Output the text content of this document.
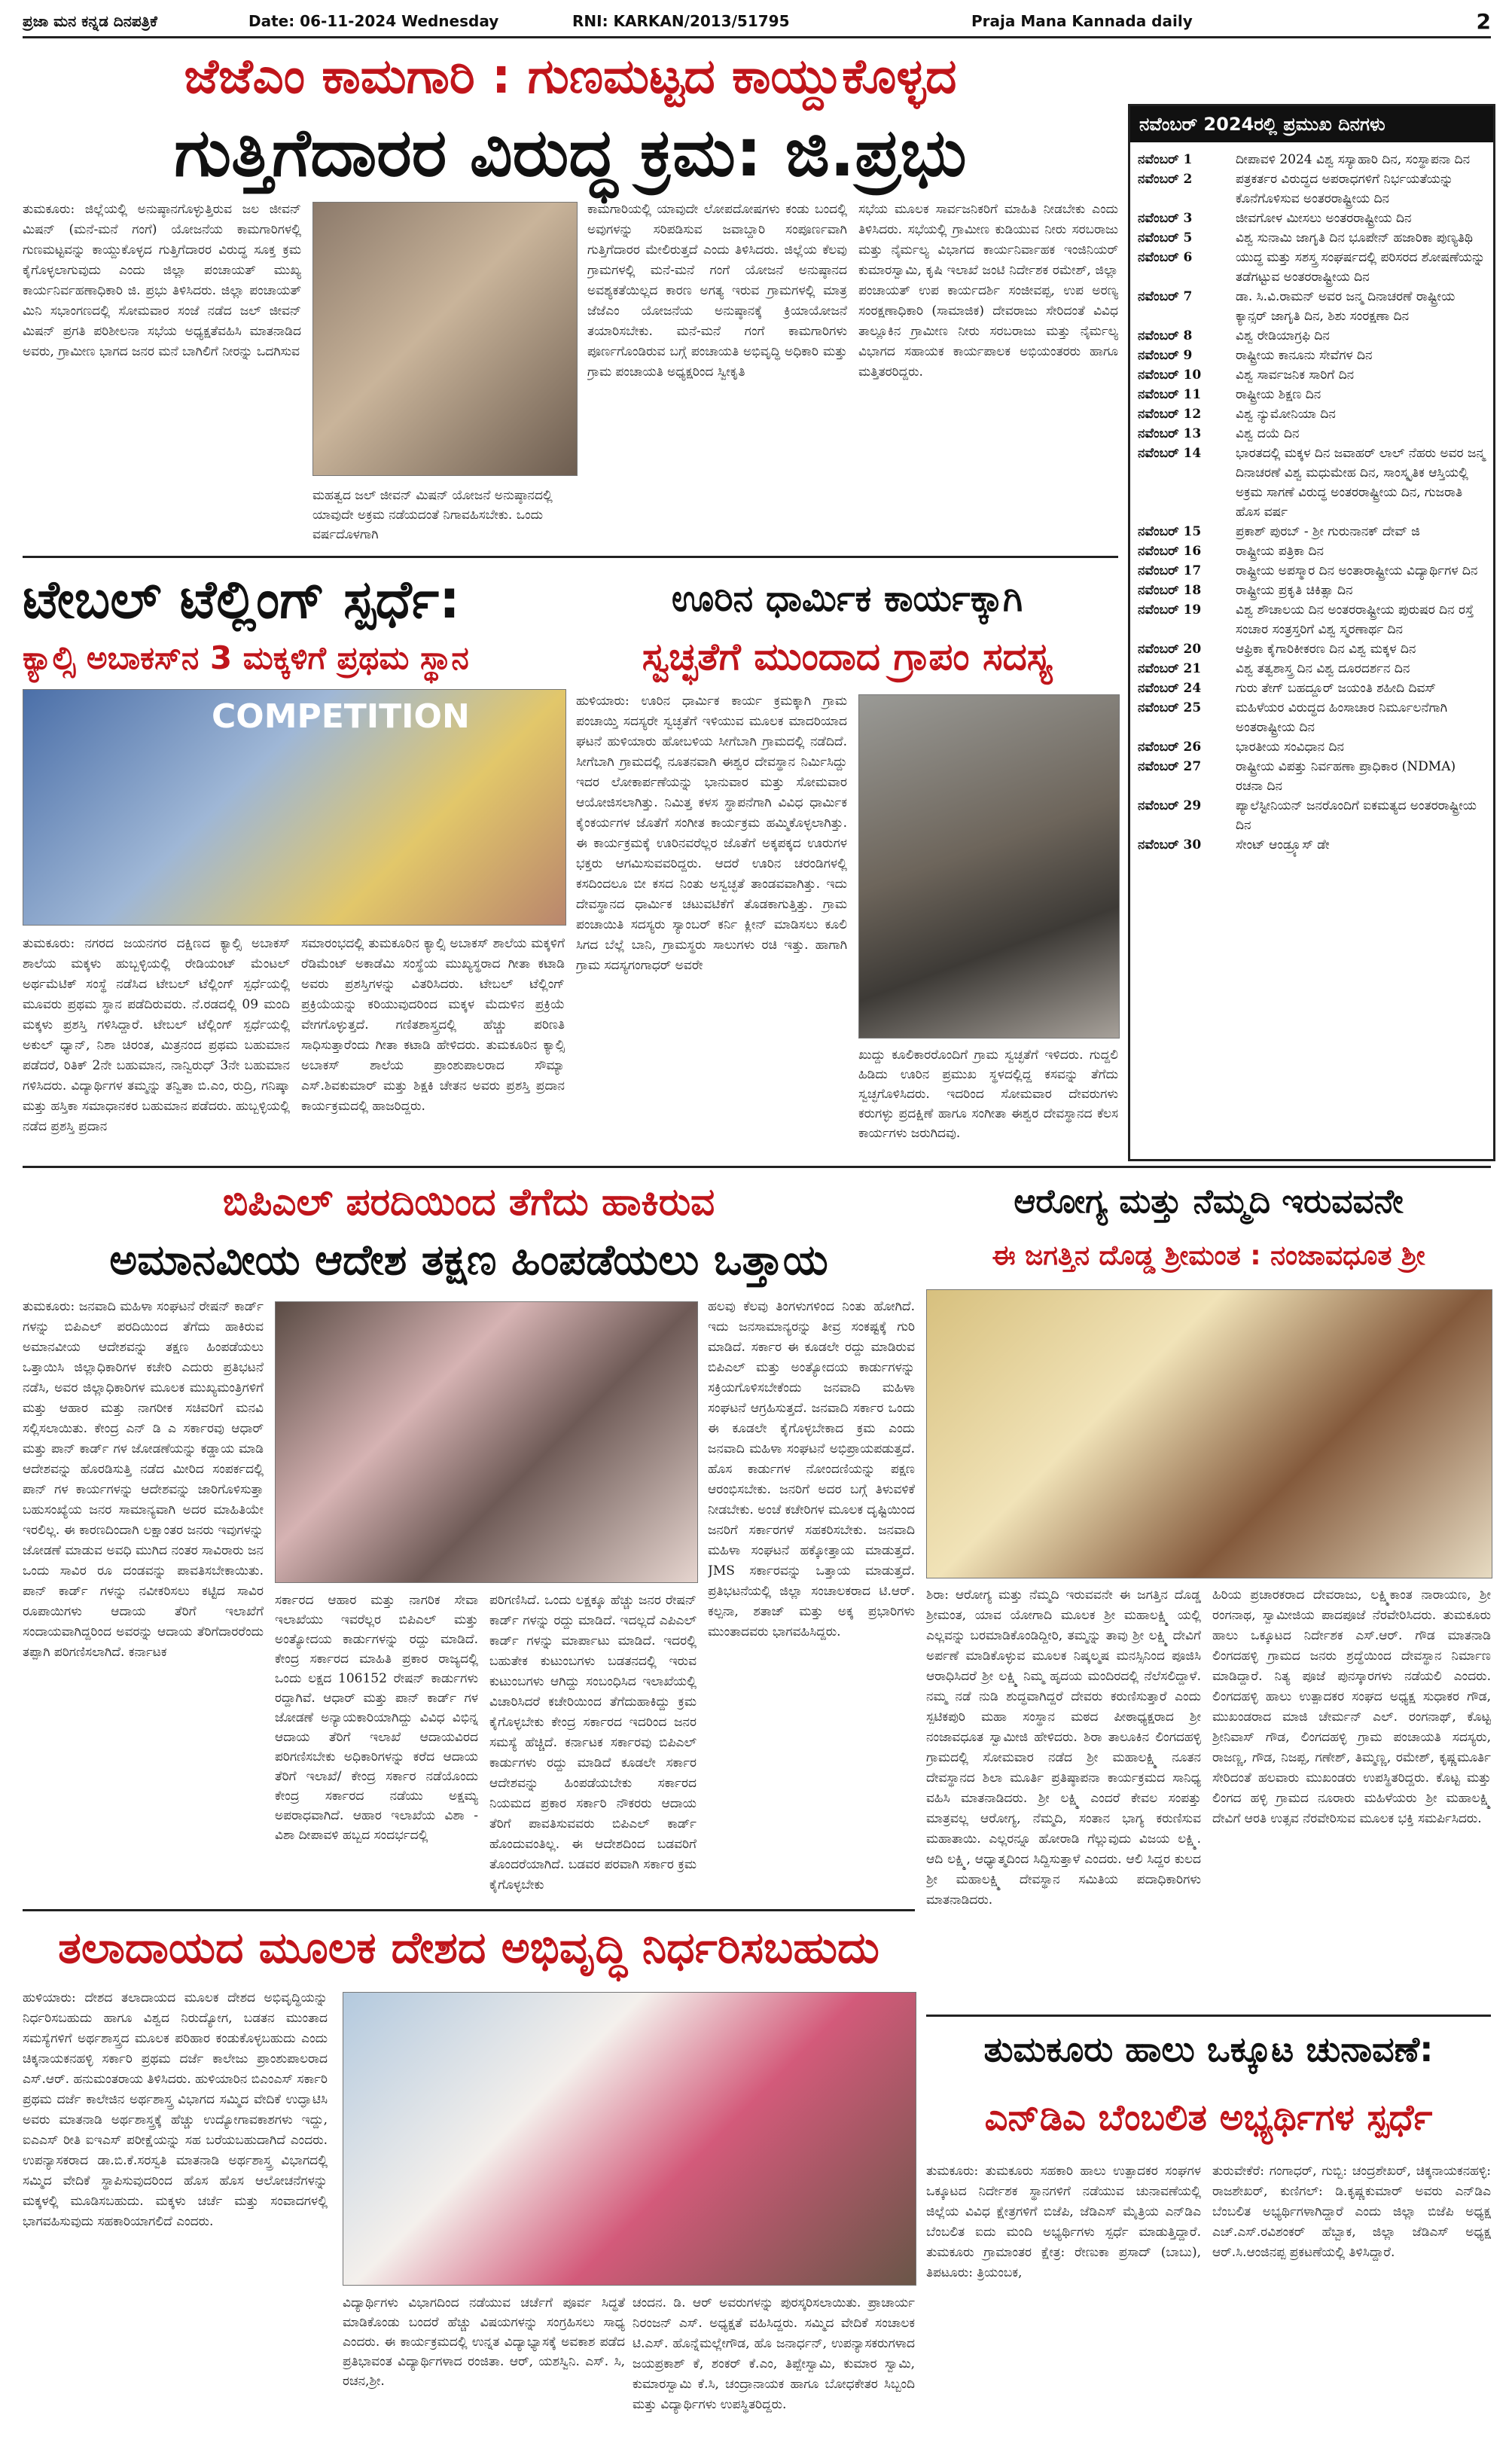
ಪ್ರಜಾ ಮನ ಕನ್ನಡ ದಿನಪತ್ರಿಕೆ	Date: 06-11-2024 Wednesday	RNI: KARKAN/2013/51795	Praja Mana Kannada daily	2
ಜೆಜೆಎಂ ಕಾಮಗಾರಿ : ಗುಣಮಟ್ಟದ ಕಾಯ್ದುಕೊಳ್ಳದ
ಗುತ್ತಿಗೆದಾರರ ವಿರುದ್ಧ ಕ್ರಮ: ಜಿ.ಪ್ರಭು
ತುಮಕೂರು: ಜಿಲ್ಲೆಯಲ್ಲಿ ಅನುಷ್ಠಾನಗೊಳ್ಳುತ್ತಿರುವ ಜಲ ಜೀವನ್ ಮಿಷನ್ (ಮನೆ-ಮನೆ ಗಂಗೆ) ಯೋಜನೆಯ ಕಾಮಗಾರಿಗಳಲ್ಲಿ ಗುಣಮಟ್ಟವನ್ನು ಕಾಯ್ದುಕೊಳ್ಳದ ಗುತ್ತಿಗೆದಾರರ ವಿರುದ್ಧ ಸೂಕ್ತ ಕ್ರಮ ಕೈಗೊಳ್ಳಲಾಗುವುದು ಎಂದು ಜಿಲ್ಲಾ ಪಂಚಾಯತ್ ಮುಖ್ಯ ಕಾರ್ಯನಿರ್ವಹಣಾಧಿಕಾರಿ ಜಿ. ಪ್ರಭು ತಿಳಿಸಿದರು. ಜಿಲ್ಲಾ ಪಂಚಾಯತ್ ಮಿನಿ ಸಭಾಂಗಣದಲ್ಲಿ ಸೋಮವಾರ ಸಂಜೆ ನಡೆದ ಜಲ್ ಜೀವನ್ ಮಿಷನ್ ಪ್ರಗತಿ ಪರಿಶೀಲನಾ ಸಭೆಯ ಅಧ್ಯಕ್ಷತೆವಹಿಸಿ ಮಾತನಾಡಿದ ಅವರು, ಗ್ರಾಮೀಣ ಭಾಗದ ಜನರ ಮನೆ ಬಾಗಿಲಿಗೆ ನೀರನ್ನು ಒದಗಿಸುವ
ಮಹತ್ವದ ಜಲ್ ಜೀವನ್ ಮಿಷನ್ ಯೋಜನೆ ಅನುಷ್ಠಾನದಲ್ಲಿ ಯಾವುದೇ ಅಕ್ರಮ ನಡೆಯದಂತೆ ನಿಗಾವಹಿಸಬೇಕು. ಒಂದು ವರ್ಷದೊಳಗಾಗಿ
ಕಾಮಗಾರಿಯಲ್ಲಿ ಯಾವುದೇ ಲೋಪದೋಷಗಳು ಕಂಡು ಬಂದಲ್ಲಿ ಅವುಗಳನ್ನು ಸರಿಪಡಿಸುವ ಜವಾಬ್ದಾರಿ ಸಂಪೂರ್ಣವಾಗಿ ಗುತ್ತಿಗೆದಾರರ ಮೇಲಿರುತ್ತದೆ ಎಂದು ತಿಳಿಸಿದರು. ಜಿಲ್ಲೆಯ ಕೆಲವು ಗ್ರಾಮಗಳಲ್ಲಿ ಮನೆ-ಮನೆ ಗಂಗೆ ಯೋಜನೆ ಅನುಷ್ಠಾನದ ಅವಶ್ಯಕತೆಯಿಲ್ಲದ ಕಾರಣ ಅಗತ್ಯ ಇರುವ ಗ್ರಾಮಗಳಲ್ಲಿ ಮಾತ್ರ ಜೆಜೆಎಂ ಯೋಜನೆಯ ಅನುಷ್ಠಾನಕ್ಕೆ ಕ್ರಿಯಾಯೋಜನೆ ತಯಾರಿಸಬೇಕು. ಮನೆ-ಮನೆ ಗಂಗೆ ಕಾಮಗಾರಿಗಳು ಪೂರ್ಣಗೊಂಡಿರುವ ಬಗ್ಗೆ ಪಂಚಾಯತಿ ಅಭಿವೃದ್ಧಿ ಅಧಿಕಾರಿ ಮತ್ತು ಗ್ರಾಮ ಪಂಚಾಯತಿ ಅಧ್ಯಕ್ಷರಿಂದ ಸ್ವೀಕೃತಿ
ಸಭೆಯ ಮೂಲಕ ಸಾರ್ವಜನಿಕರಿಗೆ ಮಾಹಿತಿ ನೀಡಬೇಕು ಎಂದು ತಿಳಿಸಿದರು. ಸಭೆಯಲ್ಲಿ ಗ್ರಾಮೀಣ ಕುಡಿಯುವ ನೀರು ಸರಬರಾಜು ಮತ್ತು ನೈರ್ಮಲ್ಯ ವಿಭಾಗದ ಕಾರ್ಯನಿರ್ವಾಹಕ ಇಂಜಿನಿಯರ್ ಕುಮಾರಸ್ವಾಮಿ, ಕೃಷಿ ಇಲಾಖೆ ಜಂಟಿ ನಿರ್ದೇಶಕ ರಮೇಶ್, ಜಿಲ್ಲಾ ಪಂಚಾಯತ್ ಉಪ ಕಾರ್ಯದರ್ಶಿ ಸಂಜೀವಪ್ಪ, ಉಪ ಅರಣ್ಯ ಸಂರಕ್ಷಣಾಧಿಕಾರಿ (ಸಾಮಾಜಿಕ) ದೇವರಾಜು ಸೇರಿದಂತೆ ವಿವಿಧ ತಾಲ್ಲೂಕಿನ ಗ್ರಾಮೀಣ ನೀರು ಸರಬರಾಜು ಮತ್ತು ನೈರ್ಮಲ್ಯ ವಿಭಾಗದ ಸಹಾಯಕ ಕಾರ್ಯಪಾಲಕ ಅಭಿಯಂತರರು ಹಾಗೂ ಮತ್ತಿತರರಿದ್ದರು.
ಟೇಬಲ್ ಟೆಲ್ಲಿಂಗ್ ಸ್ಪರ್ಧೆ:
ಕ್ಯಾಲ್ಸಿ ಅಬಾಕಸ್‌ನ 3 ಮಕ್ಕಳಿಗೆ ಪ್ರಥಮ ಸ್ಥಾನ
COMPETITION
ತುಮಕೂರು: ನಗರದ ಜಯನಗರ ದಕ್ಷಿಣದ ಕ್ಯಾಲ್ಸಿ ಅಬಾಕಸ್ ಶಾಲೆಯ ಮಕ್ಕಳು ಹುಬ್ಬಳ್ಳಿಯಲ್ಲಿ ರೇಡಿಯಂಟ್ ಮೆಂಟಲ್ ಅರ್ಥಮೆಟಿಕ್ ಸಂಸ್ಥೆ ನಡೆಸಿದ ಟೇಬಲ್ ಟೆಲ್ಲಿಂಗ್ ಸ್ಪರ್ಧೆಯಲ್ಲಿ ಮೂವರು ಪ್ರಥಮ ಸ್ಥಾನ ಪಡೆದಿರುವರು. ನೆ.ರಡದಲ್ಲಿ 09 ಮಂದಿ ಮಕ್ಕಳು ಪ್ರಶಸ್ತಿ ಗಳಿಸಿದ್ದಾರೆ. ಟೇಬಲ್ ಟೆಲ್ಲಿಂಗ್ ಸ್ಪರ್ಧೆಯಲ್ಲಿ ಅಕುಲ್ ಧ್ಯಾನ್, ನಿಶಾ ಚಿರಂತ, ಮಿತ್ರನಂದ ಪ್ರಥಮ ಬಹುಮಾನ ಪಡೆದರೆ, ರಿತಿಕ್ 2ನೇ ಬಹುಮಾನ, ನಾನ್ವಿರುಧ್ 3ನೇ ಬಹುಮಾನ ಗಳಿಸಿದರು. ವಿದ್ಯಾರ್ಥಿಗಳ ತಮ್ಮನ್ನು ತನ್ವಿತಾ ಬಿ.ಎಂ, ರುದ್ರಿ, ಗನಿಷ್ಕಾ ಮತ್ತು ಹಸ್ತಿಕಾ ಸಮಾಧಾನಕರ ಬಹುಮಾನ ಪಡೆದರು. ಹುಬ್ಬಳ್ಳಿಯಲ್ಲಿ ನಡೆದ ಪ್ರಶಸ್ತಿ ಪ್ರದಾನ
ಸಮಾರಂಭದಲ್ಲಿ ತುಮಕೂರಿನ ಕ್ಯಾಲ್ಸಿ ಅಬಾಕಸ್ ಶಾಲೆಯ ಮಕ್ಕಳಿಗೆ ರೆಡಿಮೆಂಟ್ ಅಕಾಡೆಮಿ ಸಂಸ್ಥೆಯ ಮುಖ್ಯಸ್ಥರಾದ ಗೀತಾ ಕಟಾಡಿ ಅವರು ಪ್ರಶಸ್ತಿಗಳನ್ನು ವಿತರಿಸಿದರು. ಟೇಬಲ್ ಟೆಲ್ಲಿಂಗ್ ಪ್ರಕ್ರಿಯೆಯನ್ನು ಕರಿಯುವುದರಿಂದ ಮಕ್ಕಳ ಮೆದುಳಿನ ಪ್ರಕ್ರಿಯೆ ವೇಗಗೊಳ್ಳುತ್ತದೆ. ಗಣಿತಶಾಸ್ತ್ರದಲ್ಲಿ ಹೆಚ್ಚು ಪರಿಣತಿ ಸಾಧಿಸುತ್ತಾರೆಂದು ಗೀತಾ ಕಟಾಡಿ ಹೇಳಿದರು. ತುಮಕೂರಿನ ಕ್ಯಾಲ್ಸಿ ಅಬಾಕಸ್ ಶಾಲೆಯ ಪ್ರಾಂಶುಪಾಲರಾದ ಸೌಮ್ಯಾ ಎಸ್.ಶಿವಕುಮಾರ್ ಮತ್ತು ಶಿಕ್ಷಕಿ ಚೇತನ ಅವರು ಪ್ರಶಸ್ತಿ ಪ್ರದಾನ ಕಾರ್ಯಕ್ರಮದಲ್ಲಿ ಹಾಜರಿದ್ದರು.
ಊರಿನ ಧಾರ್ಮಿಕ ಕಾರ್ಯಕ್ಕಾಗಿ
ಸ್ವಚ್ಛತೆಗೆ ಮುಂದಾದ ಗ್ರಾಪಂ ಸದಸ್ಯ
ಹುಳಿಯಾರು: ಊರಿನ ಧಾರ್ಮಿಕ ಕಾರ್ಯ ಕ್ರಮಕ್ಕಾಗಿ ಗ್ರಾಮ ಪಂಚಾಯ್ತಿ ಸದಸ್ಯರೇ ಸ್ವಚ್ಛತೆಗೆ ಇಳಿಯುವ ಮೂಲಕ ಮಾದರಿಯಾದ ಘಟನೆ ಹುಳಿಯಾರು ಹೋಬಳಿಯ ಸೀಗೆಬಾಗಿ ಗ್ರಾಮದಲ್ಲಿ ನಡೆದಿದೆ. ಸೀಗೆಬಾಗಿ ಗ್ರಾಮದಲ್ಲಿ ನೂತನವಾಗಿ ಈಶ್ವರ ದೇವಸ್ಥಾನ ನಿರ್ಮಿಸಿದ್ದು ಇದರ ಲೋಕಾರ್ಪಣೆಯನ್ನು ಭಾನುವಾರ ಮತ್ತು ಸೋಮವಾರ ಆಯೋಜಿಸಲಾಗಿತ್ತು. ನಿಮಿತ್ತ ಕಳಸ ಸ್ಥಾಪನೆಗಾಗಿ ವಿವಿಧ ಧಾರ್ಮಿಕ ಕೈಂಕರ್ಯಗಳ ಜೊತೆಗೆ ಸಂಗೀತ ಕಾರ್ಯಕ್ರಮ ಹಮ್ಮಿಕೊಳ್ಳಲಾಗಿತ್ತು. ಈ ಕಾರ್ಯಕ್ರಮಕ್ಕೆ ಊರಿನವರೆಲ್ಲರ ಜೊತೆಗೆ ಅಕ್ಕಪಕ್ಕದ ಊರುಗಳ ಭಕ್ತರು ಆಗಮಿಸುವವರಿದ್ದರು. ಆದರೆ ಊರಿನ ಚರಂಡಿಗಳಲ್ಲಿ ಕಸದಿಂದಲೂ ಬೀ ಕಸದ ನಿಂತು ಅಸ್ವಚ್ಛತೆ ತಾಂಡವವಾಗಿತ್ತು. ಇದು ದೇವಸ್ಥಾನದ ಧಾರ್ಮಿಕ ಚಟುವಟಿಕೆಗೆ ತೊಡಕಾಗುತ್ತಿತ್ತು. ಗ್ರಾಮ ಪಂಚಾಯಿತಿ ಸದಸ್ಯರು ಸ್ಯಾಂಬರ್ ಕರ್ನಿ ಕ್ಲೀನ್ ಮಾಡಿಸಲು ಕೂಲಿ ಸಿಗದ ಬೆಲ್ಲೆ ಬಾನಿ, ಗ್ರಾಮಸ್ಥರು ಸಾಲುಗಳು ರಚಿ ಇತ್ತು. ಹಾಗಾಗಿ ಗ್ರಾಮ ಸದಸ್ಯಗಂಗಾಧರ್ ಅವರೇ
ಖುದ್ದು ಕೂಲಿಕಾರರೊಂದಿಗೆ ಗ್ರಾಮ ಸ್ವಚ್ಛತೆಗೆ ಇಳಿದರು. ಗುದ್ದಲಿ ಹಿಡಿದು ಊರಿನ ಪ್ರಮುಖ ಸ್ಥಳದಲ್ಲಿದ್ದ ಕಸವನ್ನು ತೆಗೆದು ಸ್ವಚ್ಛಗೊಳಿಸಿದರು. ಇದರಿಂದ ಸೋಮವಾರ ದೇವರುಗಳು ಕರುಗಳ್ಳು ಪ್ರದಕ್ಷಿಣೆ ಹಾಗೂ ಸಂಗೀತಾ ಈಶ್ವರ ದೇವಸ್ಥಾನದ ಕೆಲಸ ಕಾರ್ಯಗಳು ಜರುಗಿದವು.
ನವೆಂಬರ್ 2024ರಲ್ಲಿ ಪ್ರಮುಖ ದಿನಗಳು
ನವೆಂಬರ್ 1	ದೀಪಾವಳಿ 2024 ವಿಶ್ವ ಸಸ್ಯಾಹಾರಿ ದಿನ, ಸಂಸ್ಥಾಪನಾ ದಿನ
ನವೆಂಬರ್ 2	ಪತ್ರಕರ್ತರ ವಿರುದ್ಧದ ಅಪರಾಧಗಳಿಗೆ ನಿರ್ಭಯತೆಯನ್ನು ಕೊನೆಗೊಳಿಸುವ ಅಂತರರಾಷ್ಟ್ರೀಯ ದಿನ
ನವೆಂಬರ್ 3	ಜೀವಗೋಳ ಮೀಸಲು ಅಂತರರಾಷ್ಟ್ರೀಯ ದಿನ
ನವೆಂಬರ್ 5	ವಿಶ್ವ ಸುನಾಮಿ ಜಾಗೃತಿ ದಿನ ಭೂಪೇನ್ ಹಜಾರಿಕಾ ಪುಣ್ಯತಿಥಿ
ನವೆಂಬರ್ 6	ಯುದ್ಧ ಮತ್ತು ಸಶಸ್ತ್ರ ಸಂಘರ್ಷದಲ್ಲಿ ಪರಿಸರದ ಶೋಷಣೆಯನ್ನು ತಡೆಗಟ್ಟುವ ಅಂತರರಾಷ್ಟ್ರೀಯ ದಿನ
ನವೆಂಬರ್ 7	ಡಾ. ಸಿ.ವಿ.ರಾಮನ್ ಅವರ ಜನ್ಮ ದಿನಾಚರಣೆ ರಾಷ್ಟ್ರೀಯ ಕ್ಯಾನ್ಸರ್ ಜಾಗೃತಿ ದಿನ, ಶಿಶು ಸಂರಕ್ಷಣಾ ದಿನ
ನವೆಂಬರ್ 8	ವಿಶ್ವ ರೇಡಿಯಾಗ್ರಫಿ ದಿನ
ನವೆಂಬರ್ 9	ರಾಷ್ಟ್ರೀಯ ಕಾನೂನು ಸೇವೆಗಳ ದಿನ
ನವೆಂಬರ್ 10	ವಿಶ್ವ ಸಾರ್ವಜನಿಕ ಸಾರಿಗೆ ದಿನ
ನವೆಂಬರ್ 11	ರಾಷ್ಟ್ರೀಯ ಶಿಕ್ಷಣ ದಿನ
ನವೆಂಬರ್ 12	ವಿಶ್ವ ನ್ಯುಮೋನಿಯಾ ದಿನ
ನವೆಂಬರ್ 13	ವಿಶ್ವ ದಯೆ ದಿನ
ನವೆಂಬರ್ 14	ಭಾರತದಲ್ಲಿ ಮಕ್ಕಳ ದಿನ ಜವಾಹರ್ ಲಾಲ್ ನೆಹರು ಅವರ ಜನ್ಮ ದಿನಾಚರಣೆ ವಿಶ್ವ ಮಧುಮೇಹ ದಿನ, ಸಾಂಸ್ಕೃತಿಕ ಆಸ್ತಿಯಲ್ಲಿ ಅಕ್ರಮ ಸಾಗಣೆ ವಿರುದ್ಧ ಅಂತರರಾಷ್ಟ್ರೀಯ ದಿನ, ಗುಜರಾತಿ ಹೊಸ ವರ್ಷ
ನವೆಂಬರ್ 15	ಪ್ರಕಾಶ್ ಪುರಬ್ - ಶ್ರೀ ಗುರುನಾನಕ್ ದೇವ್ ಜಿ
ನವೆಂಬರ್ 16	ರಾಷ್ಟ್ರೀಯ ಪತ್ರಿಕಾ ದಿನ
ನವೆಂಬರ್ 17	ರಾಷ್ಟ್ರೀಯ ಅಪಸ್ಮಾರ ದಿನ ಅಂತಾರಾಷ್ಟ್ರೀಯ ವಿದ್ಯಾರ್ಥಿಗಳ ದಿನ
ನವೆಂಬರ್ 18	ರಾಷ್ಟ್ರೀಯ ಪ್ರಕೃತಿ ಚಿಕಿತ್ಸಾ ದಿನ
ನವೆಂಬರ್ 19	ವಿಶ್ವ ಶೌಚಾಲಯ ದಿನ ಅಂತರರಾಷ್ಟ್ರೀಯ ಪುರುಷರ ದಿನ ರಸ್ತೆ ಸಂಚಾರ ಸಂತ್ರಸ್ತರಿಗೆ ವಿಶ್ವ ಸ್ಮರಣಾರ್ಥ ದಿನ
ನವೆಂಬರ್ 20	ಆಫ್ರಿಕಾ ಕೈಗಾರಿಕೀಕರಣ ದಿನ ವಿಶ್ವ ಮಕ್ಕಳ ದಿನ
ನವೆಂಬರ್ 21	ವಿಶ್ವ ತತ್ವಶಾಸ್ತ್ರ ದಿನ ವಿಶ್ವ ದೂರದರ್ಶನ ದಿನ
ನವೆಂಬರ್ 24	ಗುರು ತೇಗ್ ಬಹದ್ದೂರ್ ಜಯಂತಿ ಶಹೀದಿ ದಿವಸ್
ನವೆಂಬರ್ 25	ಮಹಿಳೆಯರ ವಿರುದ್ಧದ ಹಿಂಸಾಚಾರ ನಿರ್ಮೂಲನೆಗಾಗಿ ಅಂತರಾಷ್ಟ್ರೀಯ ದಿನ
ನವೆಂಬರ್ 26	ಭಾರತೀಯ ಸಂವಿಧಾನ ದಿನ
ನವೆಂಬರ್ 27	ರಾಷ್ಟ್ರೀಯ ವಿಪತ್ತು ನಿರ್ವಹಣಾ ಪ್ರಾಧಿಕಾರ (NDMA) ರಚನಾ ದಿನ
ನವೆಂಬರ್ 29	ಪ್ಯಾಲೆಸ್ಟೀನಿಯನ್ ಜನರೊಂದಿಗೆ ಐಕಮತ್ಯದ ಅಂತರರಾಷ್ಟ್ರೀಯ ದಿನ
ನವೆಂಬರ್ 30	ಸೇಂಟ್ ಆಂಡ್ರ್ಯೂಸ್ ಡೇ
ಬಿಪಿಎಲ್ ಪರದಿಯಿಂದ ತೆಗೆದು ಹಾಕಿರುವ
ಅಮಾನವೀಯ ಆದೇಶ ತಕ್ಷಣ ಹಿಂಪಡೆಯಲು ಒತ್ತಾಯ
ತುಮಕೂರು: ಜನವಾದಿ ಮಹಿಳಾ ಸಂಘಟನೆ ರೇಷನ್ ಕಾರ್ಡ್ ಗಳನ್ನು ಬಿಪಿಎಲ್ ಪರದಿಯಿಂದ ತೆಗೆದು ಹಾಕಿರುವ ಅಮಾನವೀಯ ಆದೇಶವನ್ನು ತಕ್ಷಣ ಹಿಂಪಡೆಯಲು ಒತ್ತಾಯಿಸಿ ಜಿಲ್ಲಾಧಿಕಾರಿಗಳ ಕಚೇರಿ ಎದುರು ಪ್ರತಿಭಟನೆ ನಡೆಸಿ, ಅವರ ಜಿಲ್ಲಾಧಿಕಾರಿಗಳ ಮೂಲಕ ಮುಖ್ಯಮಂತ್ರಿಗಳಿಗೆ ಮತ್ತು ಆಹಾರ ಮತ್ತು ನಾಗರೀಕ ಸಚಿವರಿಗೆ ಮನವಿ ಸಲ್ಲಿಸಲಾಯಿತು. ಕೇಂದ್ರ ಎನ್ ಡಿ ಎ ಸರ್ಕಾರವು ಆಧಾರ್ ಮತ್ತು ಪಾನ್ ಕಾರ್ಡ್ ಗಳ ಜೋಡಣೆಯನ್ನು ಕಡ್ಡಾಯ ಮಾಡಿ ಆದೇಶವನ್ನು ಹೊರಡಿಸುತ್ತಿ ನಡೆದ ಮೀರಿದ ಸಂಪರ್ಕದಲ್ಲಿ ಪಾನ್ ಗಳ ಕಾರ್ಯಗಳನ್ನು ಆದೇಶವನ್ನು ಜಾರಿಗೊಳಿಸುತ್ತಾ ಬಹುಸಂಖ್ಯೆಯ ಜನರ ಸಾಮಾನ್ಯವಾಗಿ ಅದರ ಮಾಹಿತಿಯೇ ಇರಲಿಲ್ಲ. ಈ ಕಾರಣದಿಂದಾಗಿ ಲಕ್ಷಾಂತರ ಜನರು ಇವುಗಳನ್ನು ಜೋಡಣೆ ಮಾಡುವ ಅವಧಿ ಮುಗಿದ ನಂತರ ಸಾವಿರಾರು ಜನ ಒಂದು ಸಾವಿರ ರೂ ದಂಡವನ್ನು ಪಾವತಿಸಬೇಕಾಯಿತು. ಪಾನ್ ಕಾರ್ಡ್ ಗಳನ್ನು ನವೀಕರಿಸಲು ಕಟ್ಟಿದ ಸಾವಿರ ರೂಪಾಯಿಗಳು ಆದಾಯ ತೆರಿಗೆ ಇಲಾಖೆಗೆ ಸಂದಾಯವಾಗಿದ್ದರಿಂದ ಅವರನ್ನು ಆದಾಯ ತೆರಿಗೆದಾರರೆಂದು ತಪ್ಪಾಗಿ ಪರಿಗಣಿಸಲಾಗಿದೆ. ಕರ್ನಾಟಕ
ಸರ್ಕಾರದ ಆಹಾರ ಮತ್ತು ನಾಗರಿಕ ಸೇವಾ ಇಲಾಖೆಯು ಇವರೆಲ್ಲರ ಬಿಪಿಎಲ್ ಮತ್ತು ಅಂತ್ಯೋದಯ ಕಾರ್ಡುಗಳನ್ನು ರದ್ದು ಮಾಡಿದೆ. ಕೇಂದ್ರ ಸರ್ಕಾರದ ಮಾಹಿತಿ ಪ್ರಕಾರ ರಾಜ್ಯದಲ್ಲಿ ಒಂದು ಲಕ್ಷದ 106152 ರೇಷನ್ ಕಾರ್ಡುಗಳು ರದ್ದಾಗಿವೆ. ಆಧಾರ್ ಮತ್ತು ಪಾನ್ ಕಾರ್ಡ್ ಗಳ ಜೋಡಣೆ ಅನ್ಯಾಯಕಾರಿಯಾಗಿದ್ದು ವಿವಿಧ ವಿಭಿನ್ನ ಆದಾಯ ತೆರಿಗೆ ಇಲಾಖೆ ಆದಾಯವಿರದ ಪರಿಗಣಿಸಬೇಕು ಅಧಿಕಾರಿಗಳನ್ನು ಕರೆದ ಆದಾಯ ತೆರಿಗೆ ಇಲಾಖೆ/ ಕೇಂದ್ರ ಸರ್ಕಾರ ನಡೆಯೊಂದು ಕೇಂದ್ರ ಸರ್ಕಾರದ ನಡೆಯು ಅಕ್ಷಮ್ಯ ಅಪರಾಧವಾಗಿದೆ. ಆಹಾರ ಇಲಾಖೆಯ ವಿಶಾ - ವಿಶಾ ದೀಪಾವಳಿ ಹಬ್ಬದ ಸಂದರ್ಭದಲ್ಲಿ
ಪರಿಗಣಿಸಿದೆ. ಒಂದು ಲಕ್ಷಕ್ಕೂ ಹೆಚ್ಚು ಜನರ ರೇಷನ್ ಕಾರ್ಡ್ ಗಳನ್ನು ರದ್ದು ಮಾಡಿದೆ. ಇದಲ್ಲದೆ ಎಪಿಎಲ್ ಕಾರ್ಡ್ ಗಳನ್ನು ಮಾರ್ಪಾಟು ಮಾಡಿದೆ. ಇದರಲ್ಲಿ ಬಹುತೇಕ ಕುಟುಂಬಗಳು ಬಡತನದಲ್ಲಿ ಇರುವ ಕುಟುಂಬಗಳು ಆಗಿದ್ದು ಸಂಬಂಧಿಸಿದ ಇಲಾಖೆಯಲ್ಲಿ ವಿಚಾರಿಸಿದರೆ ಕಚೇರಿಯಿಂದ ತೆಗೆದುಹಾಕಿದ್ದು ಕ್ರಮ ಕೈಗೊಳ್ಳಬೇಕು ಕೇಂದ್ರ ಸರ್ಕಾರದ ಇದರಿಂದ ಜನರ ಸಮಸ್ಯೆ ಹೆಚ್ಚಿದೆ. ಕರ್ನಾಟಕ ಸರ್ಕಾರವು ಬಿಪಿಎಲ್ ಕಾರ್ಡುಗಳು ರದ್ದು ಮಾಡಿದೆ ಕೂಡಲೇ ಸರ್ಕಾರ ಆದೇಶವನ್ನು ಹಿಂಪಡೆಯಬೇಕು ಸರ್ಕಾರದ ನಿಯಮದ ಪ್ರಕಾರ ಸರ್ಕಾರಿ ನೌಕರರು ಆದಾಯ ತೆರಿಗೆ ಪಾವತಿಸುವವರು ಬಿಪಿಎಲ್ ಕಾರ್ಡ್ ಹೊಂದುವಂತಿಲ್ಲ. ಈ ಆದೇಶದಿಂದ ಬಡವರಿಗೆ ತೊಂದರೆಯಾಗಿದೆ. ಬಡವರ ಪರವಾಗಿ ಸರ್ಕಾರ ಕ್ರಮ ಕೈಗೊಳ್ಳಬೇಕು
ಹಲವು ಕೆಲವು ತಿಂಗಳುಗಳಿಂದ ನಿಂತು ಹೋಗಿದೆ. ಇದು ಜನಸಾಮಾನ್ಯರನ್ನು ತೀವ್ರ ಸಂಕಷ್ಟಕ್ಕೆ ಗುರಿ ಮಾಡಿದೆ. ಸರ್ಕಾರ ಈ ಕೂಡಲೇ ರದ್ದು ಮಾಡಿರುವ ಬಿಪಿಎಲ್ ಮತ್ತು ಅಂತ್ಯೋದಯ ಕಾರ್ಡುಗಳನ್ನು ಸಕ್ರಿಯಗೊಳಿಸಬೇಕೆಂದು ಜನವಾದಿ ಮಹಿಳಾ ಸಂಘಟನೆ ಆಗ್ರಹಿಸುತ್ತದೆ. ಜನವಾದಿ ಸರ್ಕಾರ ಒಂದು ಈ ಕೂಡಲೇ ಕೈಗೊಳ್ಳಬೇಕಾದ ಕ್ರಮ ಎಂದು ಜನವಾದಿ ಮಹಿಳಾ ಸಂಘಟನೆ ಅಭಿಪ್ರಾಯಪಡುತ್ತದೆ. ಹೊಸ ಕಾರ್ಡುಗಳ ನೋಂದಣಿಯನ್ನು ಪಕ್ಷಣ ಆರಂಭಿಸಬೇಕು. ಜನರಿಗೆ ಅದರ ಬಗ್ಗೆ ತಿಳುವಳಿಕೆ ನೀಡಬೇಕು. ಅಂಚೆ ಕಚೇರಿಗಳ ಮೂಲಕ ದೃಷ್ಟಿಯಿಂದ ಜನರಿಗೆ ಸರ್ಕಾರಗಳೆ ಸಹಕರಿಸಬೇಕು. ಜನವಾದಿ ಮಹಿಳಾ ಸಂಘಟನೆ ಹಕ್ಕೋತ್ತಾಯ ಮಾಡುತ್ತದೆ. JMS ಸರ್ಕಾರವನ್ನು ಒತ್ತಾಯ ಮಾಡುತ್ತದೆ. ಪ್ರತಿಭಟನೆಯಲ್ಲಿ ಜಿಲ್ಲಾ ಸಂಚಾಲಕರಾದ ಟಿ.ಆರ್. ಕಲ್ಪನಾ, ಶತಾಜ್ ಮತ್ತು ಅಕ್ಕ ಪ್ರಭಾರಿಗಳು ಮುಂತಾದವರು ಭಾಗವಹಿಸಿದ್ದರು.
ಆರೋಗ್ಯ ಮತ್ತು ನೆಮ್ಮದಿ ಇರುವವನೇ
ಈ ಜಗತ್ತಿನ ದೊಡ್ಡ ಶ್ರೀಮಂತ : ನಂಜಾವಧೂತ ಶ್ರೀ
ಶಿರಾ: ಆರೋಗ್ಯ ಮತ್ತು ನೆಮ್ಮದಿ ಇರುವವನೇ ಈ ಜಗತ್ತಿನ ದೊಡ್ಡ ಶ್ರೀಮಂತ, ಯಾವ ಯೋಗಾದಿ ಮೂಲಕ ಶ್ರೀ ಮಹಾಲಕ್ಷ್ಮಿ ಯಲ್ಲಿ ಎಲ್ಲವನ್ನು ಬರಮಾಡಿಕೊಂಡಿದ್ದೀರಿ, ತಮ್ಮನ್ನು ತಾವು ಶ್ರೀ ಲಕ್ಷ್ಮಿ ದೇವಿಗೆ ಅರ್ಪಣೆ ಮಾಡಿಕೊಳ್ಳುವ ಮೂಲಕ ನಿಷ್ಕಲ್ಮಷ ಮನಸ್ಸಿನಿಂದ ಪೂಜಿಸಿ ಆರಾಧಿಸಿದರೆ ಶ್ರೀ ಲಕ್ಷ್ಮಿ ನಿಮ್ಮ ಹೃದಯ ಮಂದಿರದಲ್ಲಿ ನೆಲೆಸಲಿದ್ದಾಳೆ. ನಮ್ಮ ನಡೆ ನುಡಿ ಶುದ್ಧವಾಗಿದ್ದರೆ ದೇವರು ಕರುಣಿಸುತ್ತಾರೆ ಎಂದು ಸ್ಪಟಿಕಪುರಿ ಮಹಾ ಸಂಸ್ಥಾನ ಮಠದ ಪೀಠಾಧ್ಯಕ್ಷರಾದ ಶ್ರೀ ನಂಜಾವಧೂತ ಸ್ವಾಮೀಜಿ ಹೇಳಿದರು. ಶಿರಾ ತಾಲೂಕಿನ ಲಿಂಗದಹಳ್ಳಿ ಗ್ರಾಮದಲ್ಲಿ ಸೋಮವಾರ ನಡೆದ ಶ್ರೀ ಮಹಾಲಕ್ಷ್ಮಿ ನೂತನ ದೇವಸ್ಥಾನದ ಶಿಲಾ ಮೂರ್ತಿ ಪ್ರತಿಷ್ಠಾಪನಾ ಕಾರ್ಯಕ್ರಮದ ಸಾನಿಧ್ಯ ವಹಿಸಿ ಮಾತನಾಡಿದರು. ಶ್ರೀ ಲಕ್ಷ್ಮಿ ಎಂದರೆ ಕೇವಲ ಸಂಪತ್ತು ಮಾತ್ರವಲ್ಲ ಆರೋಗ್ಯ, ನೆಮ್ಮದಿ, ಸಂತಾನ ಭಾಗ್ಯ ಕರುಣಿಸುವ ಮಹಾತಾಯಿ. ಎಲ್ಲರನ್ನೂ ಹೋರಾಡಿ ಗೆಲ್ಲುವುದು ವಿಜಯ ಲಕ್ಷ್ಮಿ. ಆದಿ ಲಕ್ಷ್ಮಿ, ಆಧ್ಯಾತ್ಮದಿಂದ ಸಿದ್ದಿಸುತ್ತಾಳೆ ಎಂದರು. ಆಲಿ ಸಿದ್ದರ ಕುಲದ ಶ್ರೀ ಮಹಾಲಕ್ಷ್ಮಿ ದೇವಸ್ಥಾನ ಸಮಿತಿಯ ಪದಾಧಿಕಾರಿಗಳು ಮಾತನಾಡಿದರು.
ಹಿರಿಯ ಪ್ರಚಾರಕರಾದ ದೇವರಾಜು, ಲಕ್ಷ್ಮಿಕಾಂತ ನಾರಾಯಣ, ಶ್ರೀ ರಂಗನಾಥ, ಸ್ವಾಮೀಜಿಯ ಪಾದಪೂಜೆ ನೆರವೇರಿಸಿದರು. ತುಮಕೂರು ಹಾಲು ಒಕ್ಕೂಟದ ನಿರ್ದೇಶಕ ಎಸ್.ಆರ್. ಗೌಡ ಮಾತನಾಡಿ ಲಿಂಗದಹಳ್ಳಿ ಗ್ರಾಮದ ಜನರು ಶ್ರದ್ಧೆಯಿಂದ ದೇವಸ್ಥಾನ ನಿರ್ಮಾಣ ಮಾಡಿದ್ದಾರೆ. ನಿತ್ಯ ಪೂಜೆ ಪುನಸ್ಕಾರಗಳು ನಡೆಯಲಿ ಎಂದರು. ಲಿಂಗದಹಳ್ಳಿ ಹಾಲು ಉತ್ಪಾದಕರ ಸಂಘದ ಅಧ್ಯಕ್ಷ ಸುಧಾಕರ ಗೌಡ, ಮುಖಂಡರಾದ ಮಾಜಿ ಚೇರ್ಮನ್ ಎಲ್. ರಂಗನಾಥ್, ಕೊಟ್ಟ ಶ್ರೀನಿವಾಸ್ ಗೌಡ, ಲಿಂಗದಹಳ್ಳಿ ಗ್ರಾಮ ಪಂಚಾಯತಿ ಸದಸ್ಯರು, ರಾಜಣ್ಣ, ಗೌಡ, ನಿಜಪ್ಪ, ಗಣೇಶ್, ತಿಮ್ಮಣ್ಣ, ರಮೇಶ್, ಕೃಷ್ಣಮೂರ್ತಿ ಸೇರಿದಂತೆ ಹಲವಾರು ಮುಖಂಡರು ಉಪಸ್ಥಿತರಿದ್ದರು. ಕೊಟ್ಟ ಮತ್ತು ಲಿಂಗದ ಹಳ್ಳಿ ಗ್ರಾಮದ ನೂರಾರು ಮಹಿಳೆಯರು ಶ್ರೀ ಮಹಾಲಕ್ಷ್ಮಿ ದೇವಿಗೆ ಆರತಿ ಉತ್ಸವ ನೆರವೇರಿಸುವ ಮೂಲಕ ಭಕ್ತಿ ಸಮರ್ಪಿಸಿದರು.
ತಲಾದಾಯದ ಮೂಲಕ ದೇಶದ ಅಭಿವೃದ್ಧಿ ನಿರ್ಧರಿಸಬಹುದು
ಹುಳಿಯಾರು: ದೇಶದ ತಲಾದಾಯದ ಮೂಲಕ ದೇಶದ ಅಭಿವೃದ್ಧಿಯನ್ನು ನಿರ್ಧರಿಸಬಹುದು ಹಾಗೂ ವಿಶ್ವದ ನಿರುದ್ಯೋಗ, ಬಡತನ ಮುಂತಾದ ಸಮಸ್ಯೆಗಳಿಗೆ ಅರ್ಥಶಾಸ್ತ್ರದ ಮೂಲಕ ಪರಿಹಾರ ಕಂಡುಕೊಳ್ಳಬಹುದು ಎಂದು ಚಿಕ್ಕನಾಯಕನಹಳ್ಳಿ ಸರ್ಕಾರಿ ಪ್ರಥಮ ದರ್ಜೆ ಕಾಲೇಜು ಪ್ರಾಂಶುಪಾಲರಾದ ಎಸ್.ಆರ್. ಹನುಮಂತರಾಯ ತಿಳಿಸಿದರು. ಹುಳಿಯಾರಿನ ಬಿಎಂಎಸ್ ಸರ್ಕಾರಿ ಪ್ರಥಮ ದರ್ಜೆ ಕಾಲೇಜಿನ ಅರ್ಥಶಾಸ್ತ್ರ ವಿಭಾಗದ ಸಮ್ಮಿದ ವೇದಿಕೆ ಉದ್ಘಾಟಿಸಿ ಅವರು ಮಾತನಾಡಿ ಅರ್ಥಶಾಸ್ತ್ರಕ್ಕೆ ಹೆಚ್ಚು ಉದ್ಯೋಗಾವಕಾಶಗಳು ಇದ್ದು, ಐಎಎಸ್ ರೀತಿ ಐಇಎಸ್ ಪರೀಕ್ಷೆಯನ್ನು ಸಹ ಬರೆಯಬಹುದಾಗಿದೆ ಎಂದರು. ಉಪನ್ಯಾಸಕರಾದ ಡಾ.ಬಿ.ಕೆ.ಸರಸ್ವತಿ ಮಾತನಾಡಿ ಅರ್ಥಶಾಸ್ತ್ರ ವಿಭಾಗದಲ್ಲಿ ಸಮ್ಮಿದ ವೇದಿಕೆ ಸ್ಥಾಪಿಸುವುದರಿಂದ ಹೊಸ ಹೊಸ ಆಲೋಚನೆಗಳನ್ನು ಮಕ್ಕಳಲ್ಲಿ ಮೂಡಿಸಬಹುದು. ಮಕ್ಕಳು ಚರ್ಚೆ ಮತ್ತು ಸಂವಾದಗಳಲ್ಲಿ ಭಾಗವಹಿಸುವುದು ಸಹಕಾರಿಯಾಗಲಿದೆ ಎಂದರು.
ವಿದ್ಯಾರ್ಥಿಗಳು ವಿಭಾಗದಿಂದ ನಡೆಯುವ ಚರ್ಚೆಗೆ ಪೂರ್ವ ಸಿದ್ಧತೆ ಮಾಡಿಕೊಂಡು ಬಂದರೆ ಹೆಚ್ಚು ವಿಷಯಗಳನ್ನು ಸಂಗ್ರಹಿಸಲು ಸಾಧ್ಯ ಎಂದರು. ಈ ಕಾರ್ಯಕ್ರಮದಲ್ಲಿ ಉನ್ನತ ವಿದ್ಯಾಭ್ಯಾಸಕ್ಕೆ ಅವಕಾಶ ಪಡೆದ ಪ್ರತಿಭಾವಂತ ವಿದ್ಯಾರ್ಥಿಗಳಾದ ರಂಜಿತಾ. ಆರ್, ಯಶಸ್ವಿನಿ. ಎಸ್. ಸಿ, ರಚನ,ಶ್ರೀ.
ಚಂದನ. ಡಿ. ಆರ್ ಅವರುಗಳನ್ನು ಪುರಸ್ಕರಿಸಲಾಯಿತು. ಪ್ರಾಚಾರ್ಯ ನಿರಂಜನ್ ಎಸ್. ಅಧ್ಯಕ್ಷತೆ ವಹಿಸಿದ್ದರು. ಸಮ್ಮಿದ ವೇದಿಕೆ ಸಂಚಾಲಕ ಟಿ.ಎಸ್. ಹೊನ್ನೆಮಲ್ಲೇಗೌಡ, ಹೊ ಜನಾರ್ಧನ್, ಉಪನ್ಯಾಸಕರುಗಳಾದ ಜಯಪ್ರಕಾಶ್ ಕೆ, ಶಂಕರ್ ಕೆ.ಎಂ, ತಿಪ್ಪೇಸ್ವಾಮಿ, ಕುಮಾರ ಸ್ವಾಮಿ, ಕುಮಾರಸ್ವಾಮಿ ಕೆ.ಸಿ, ಚಂದ್ರಾನಾಯಕ ಹಾಗೂ ಬೋಧಕೇತರ ಸಿಬ್ಬಂದಿ ಮತ್ತು ವಿದ್ಯಾರ್ಥಿಗಳು ಉಪಸ್ಥಿತರಿದ್ದರು.
ತುಮಕೂರು ಹಾಲು ಒಕ್ಕೂಟ ಚುನಾವಣೆ:
ಎನ್‌ಡಿಎ ಬೆಂಬಲಿತ ಅಭ್ಯರ್ಥಿಗಳ ಸ್ಪರ್ಧೆ
ತುಮಕೂರು: ತುಮಕೂರು ಸಹಕಾರಿ ಹಾಲು ಉತ್ಪಾದಕರ ಸಂಘಗಳ ಒಕ್ಕೂಟದ ನಿರ್ದೇಶಕ ಸ್ಥಾನಗಳಿಗೆ ನಡೆಯುವ ಚುನಾವಣೆಯಲ್ಲಿ ಜಿಲ್ಲೆಯ ವಿವಿಧ ಕ್ಷೇತ್ರಗಳಿಗೆ ಬಿಜೆಪಿ, ಜೆಡಿಎಸ್ ಮೈತ್ರಿಯ ಎನ್‌ಡಿಎ ಬೆಂಬಲಿತ ಐದು ಮಂದಿ ಅಭ್ಯರ್ಥಿಗಳು ಸ್ಪರ್ಧೆ ಮಾಡುತ್ತಿದ್ದಾರೆ. ತುಮಕೂರು ಗ್ರಾಮಾಂತರ ಕ್ಷೇತ್ರ: ರೇಣುಕಾ ಪ್ರಸಾದ್ (ಬಾಬು), ತಿಪಟೂರು: ತ್ರಿಯಂಬಕ,
ತುರುವೇಕೆರೆ: ಗಂಗಾಧರ್, ಗುಬ್ಬಿ: ಚಂದ್ರಶೇಖರ್, ಚಿಕ್ಕನಾಯಕನಹಳ್ಳಿ: ರಾಜಶೇಖರ್, ಕುಣಿಗಲ್: ಡಿ.ಕೃಷ್ಣಕುಮಾರ್ ಅವರು ಎನ್‌ಡಿಎ ಬೆಂಬಲಿತ ಅಭ್ಯರ್ಥಿಗಳಾಗಿದ್ದಾರೆ ಎಂದು ಜಿಲ್ಲಾ ಬಿಜೆಪಿ ಅಧ್ಯಕ್ಷ ಎಚ್.ಎಸ್.ರವಿಶಂಕರ್ ಹೆಬ್ಬಾಕ, ಜಿಲ್ಲಾ ಜೆಡಿಎಸ್ ಅಧ್ಯಕ್ಷ ಆರ್.ಸಿ.ಆಂಜಿನಪ್ಪ ಪ್ರಕಟಣೆಯಲ್ಲಿ ತಿಳಿಸಿದ್ದಾರೆ.
